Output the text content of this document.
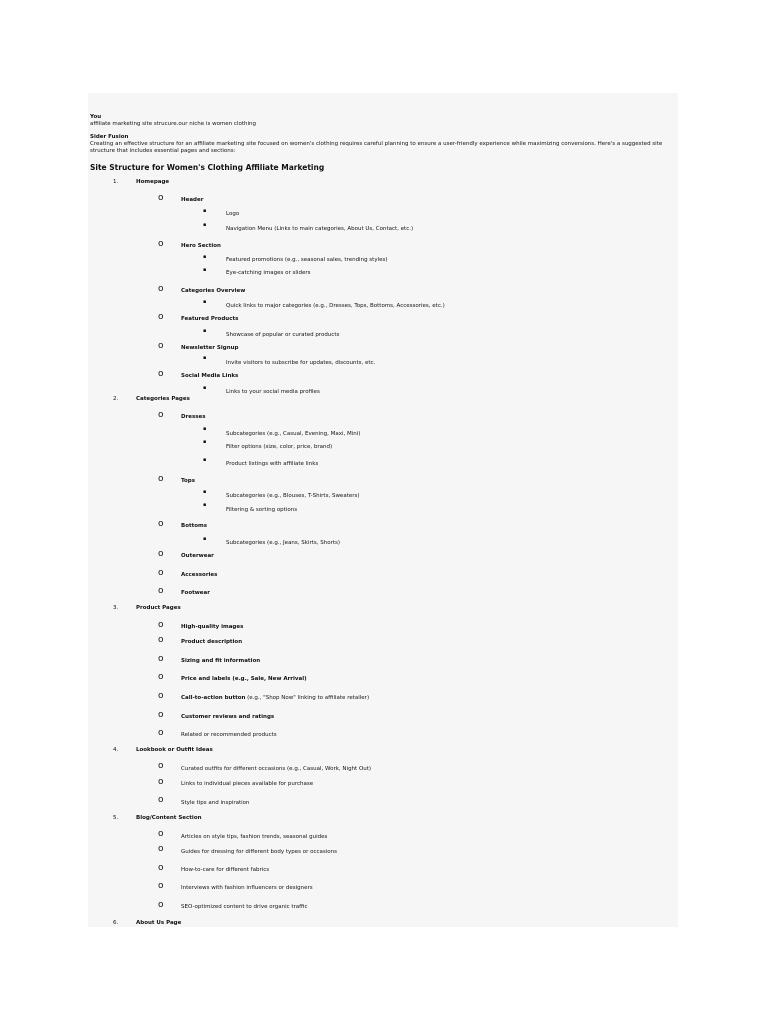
You
affiliate marketing site strucure.our niche is women clothing
Sider Fusion
Creating an effective structure for an affiliate marketing site focused on women's clothing requires careful planning to ensure a user-friendly experience while maximizing conversions. Here's a suggested site structure that includes essential pages and sections:
Site Structure for Women's Clothing Affiliate Marketing
1.	Homepage
o	Header
▪	Logo
▪
Navigation Menu (Links to main categories, About Us, Contact, etc.)
o	Hero Section
▪	Featured promotions (e.g., seasonal sales, trending styles)
▪	Eye-catching images or sliders
o	Categories Overview
▪
Quick links to major categories (e.g., Dresses, Tops, Bottoms, Accessories, etc.)
o	Featured Products
▪
Showcase of popular or curated products
o	Newsletter Signup
▪
Invite visitors to subscribe for updates, discounts, etc.
o	Social Media Links
▪
Links to your social media profiles
2.	Categories Pages
o	Dresses
▪
Subcategories (e.g., Casual, Evening, Maxi, Mini)
▪
Filter options (size, color, price, brand)
▪
Product listings with affiliate links
o	Tops
▪
Subcategories (e.g., Blouses, T-Shirts, Sweaters)
▪
Filtering & sorting options
o	Bottoms
▪
Subcategories (e.g., Jeans, Skirts, Shorts)
o	Outerwear
o	Accessories
o	Footwear
3.	Product Pages
o	High-quality images
o	Product description
o	Sizing and fit information
o	Price and labels (e.g., Sale, New Arrival)
o	Call-to-action button (e.g., "Shop Now" linking to affiliate retailer)
o	Customer reviews and ratings
o	Related or recommended products
4.	Lookbook or Outfit Ideas
o	Curated outfits for different occasions (e.g., Casual, Work, Night Out)
o	Links to individual pieces available for purchase
o	Style tips and inspiration
5.	Blog/Content Section
o	Articles on style tips, fashion trends, seasonal guides
o	Guides for dressing for different body types or occasions
o	How-to-care for different fabrics
o	Interviews with fashion influencers or designers
o	SEO-optimized content to drive organic traffic
6.	About Us Page
